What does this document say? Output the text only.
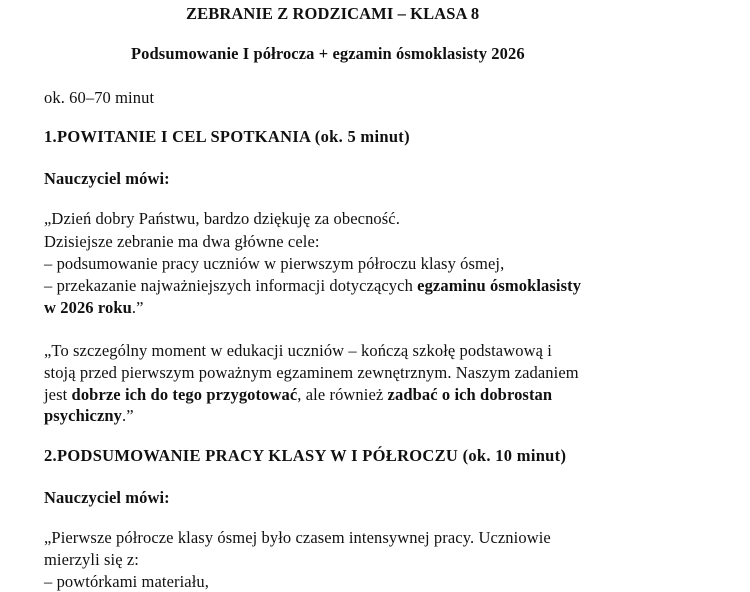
ZEBRANIE Z RODZICAMI – KLASA 8
Podsumowanie I półrocza + egzamin ósmoklasisty 2026
ok. 60–70 minut
1.POWITANIE I CEL SPOTKANIA (ok. 5 minut)
Nauczyciel mówi:
„Dzień dobry Państwu, bardzo dziękuję za obecność.
Dzisiejsze zebranie ma dwa główne cele:
– podsumowanie pracy uczniów w pierwszym półroczu klasy ósmej,
– przekazanie najważniejszych informacji dotyczących egzaminu ósmoklasisty
w 2026 roku.”
„To szczególny moment w edukacji uczniów – kończą szkołę podstawową i
stoją przed pierwszym poważnym egzaminem zewnętrznym. Naszym zadaniem
jest dobrze ich do tego przygotować, ale również zadbać o ich dobrostan
psychiczny.”
2.PODSUMOWANIE PRACY KLASY W I PÓŁROCZU (ok. 10 minut)
Nauczyciel mówi:
„Pierwsze półrocze klasy ósmej było czasem intensywnej pracy. Uczniowie
mierzyli się z:
– powtórkami materiału,
